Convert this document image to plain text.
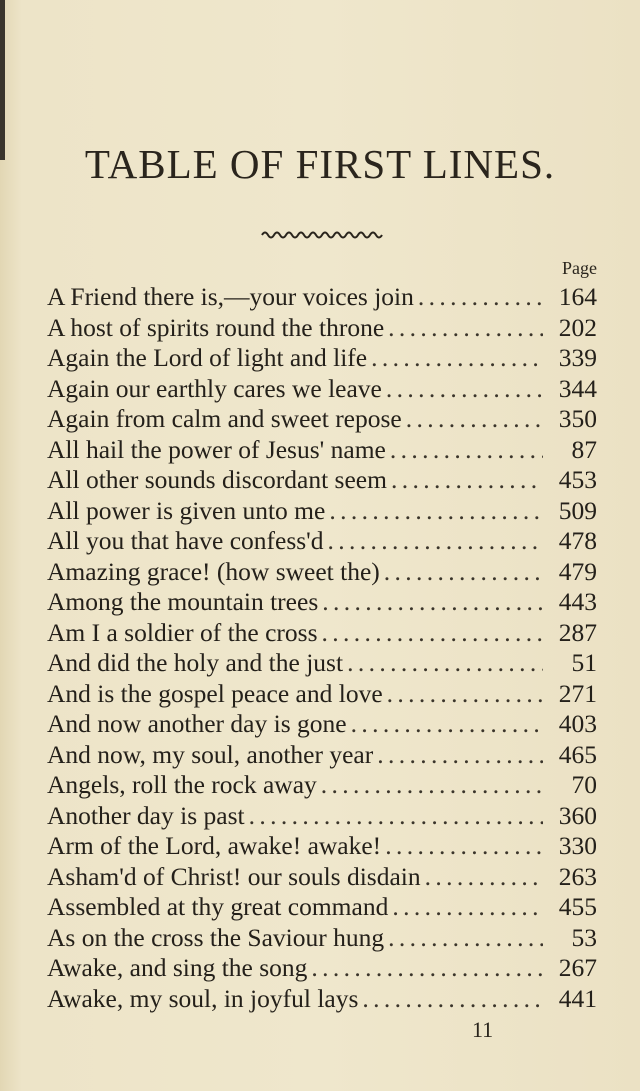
TABLE OF FIRST LINES.
Page
A Friend there is,—your voices join . . .	164
A host of spirits round the throne . . .	202
Again the Lord of light and life . . .	339
Again our earthly cares we leave . . .	344
Again from calm and sweet repose . . .	350
All hail the power of Jesus' name . . .	87
All other sounds discordant seem . . .	453
All power is given unto me . . .	509
All you that have confess'd . . .	478
Amazing grace! (how sweet the) . . .	479
Among the mountain trees . . .	443
Am I a soldier of the cross . . .	287
And did the holy and the just . . .	51
And is the gospel peace and love . . .	271
And now another day is gone . . .	403
And now, my soul, another year . . .	465
Angels, roll the rock away . . .	70
Another day is past . . .	360
Arm of the Lord, awake! awake! . . .	330
Asham'd of Christ! our souls disdain . . .	263
Assembled at thy great command . . .	455
As on the cross the Saviour hung . . .	53
Awake, and sing the song . . .	267
Awake, my soul, in joyful lays . . .	441
11
